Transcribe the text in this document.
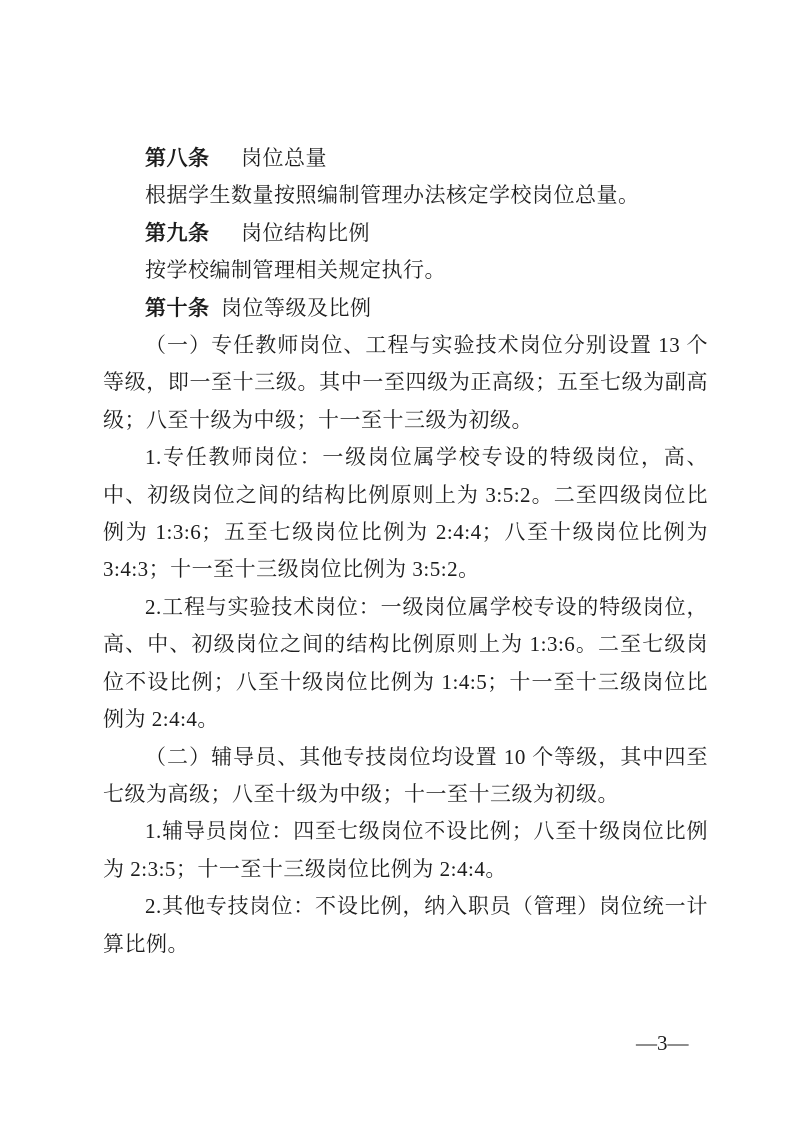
第八条 岗位总量

根据学生数量按照编制管理办法核定学校岗位总量。

第九条 岗位结构比例

按学校编制管理相关规定执行。

第十条 岗位等级及比例

（一）专任教师岗位、工程与实验技术岗位分别设置 13 个等级，即一至十三级。其中一至四级为正高级；五至七级为副高级；八至十级为中级；十一至十三级为初级。

1.专任教师岗位：一级岗位属学校专设的特级岗位，高、中、初级岗位之间的结构比例原则上为 3:5:2。二至四级岗位比例为 1:3:6；五至七级岗位比例为 2:4:4；八至十级岗位比例为 3:4:3；十一至十三级岗位比例为 3:5:2。

2.工程与实验技术岗位：一级岗位属学校专设的特级岗位，高、中、初级岗位之间的结构比例原则上为 1:3:6。二至七级岗位不设比例；八至十级岗位比例为 1:4:5；十一至十三级岗位比例为 2:4:4。

（二）辅导员、其他专技岗位均设置 10 个等级，其中四至七级为高级；八至十级为中级；十一至十三级为初级。

1.辅导员岗位：四至七级岗位不设比例；八至十级岗位比例为 2:3:5；十一至十三级岗位比例为 2:4:4。

2.其他专技岗位：不设比例，纳入职员（管理）岗位统一计算比例。

—3—
